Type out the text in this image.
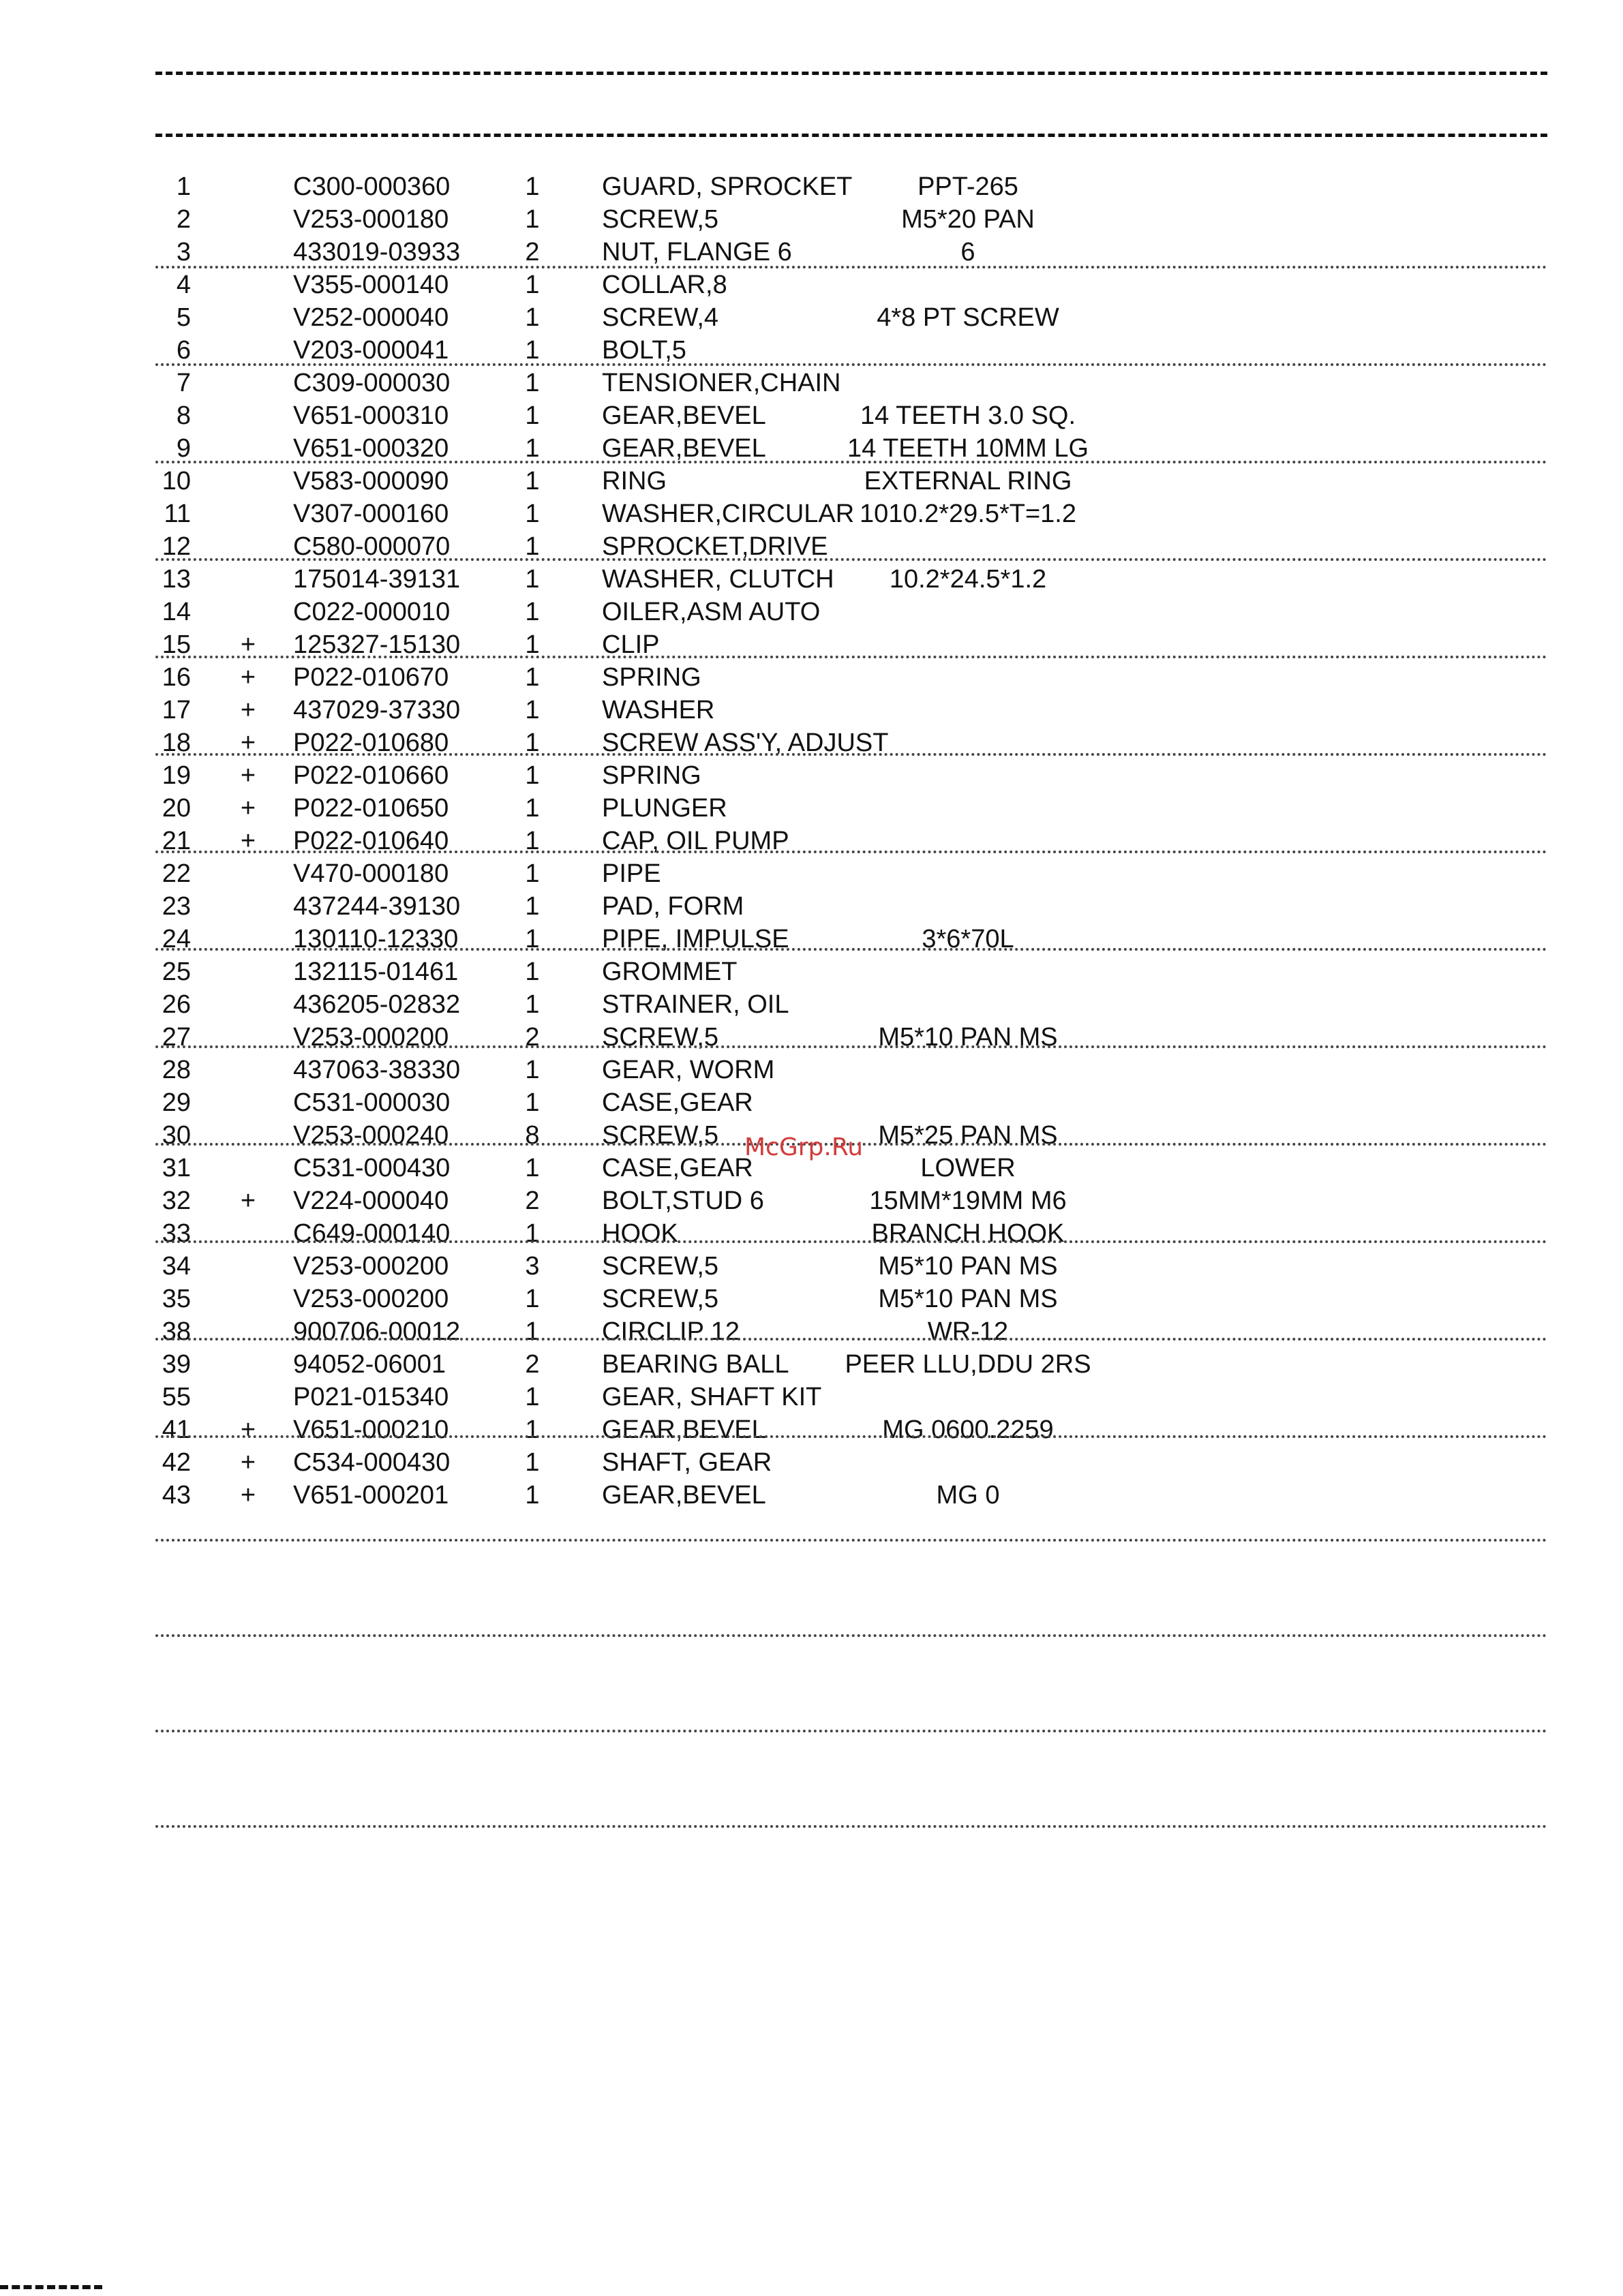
1	C300-000360	1 GUARD, SPROCKET	PPT-265
2	V253-000180	1 SCREW,5	M5*20 PAN
3	433019-03933	2 NUT, FLANGE 6	6
4	V355-000140	1 COLLAR,8
5	V252-000040	1 SCREW,4	4*8 PT SCREW
6	V203-000041	1 BOLT,5
7	C309-000030	1 TENSIONER,CHAIN
8	V651-000310	1 GEAR,BEVEL	14 TEETH 3.0 SQ.
9	V651-000320	1 GEAR,BEVEL	14 TEETH 10MM LG
10	V583-000090	1 RING	EXTERNAL RING
11	V307-000160	1 WASHER,CIRCULAR 1010.2*29.5*T=1.2
12	C580-000070	1 SPROCKET,DRIVE
13	175014-39131	1 WASHER, CLUTCH 10.2*24.5*1.2
14	C022-000010	1 OILER,ASM AUTO
15 + 125327-15130	1 CLIP
16 + P022-010670	1 SPRING
17 + 437029-37330	1 WASHER
18 + P022-010680	1 SCREW ASS'Y, ADJUST
19 + P022-010660	1 SPRING
20 + P022-010650	1 PLUNGER
21 + P022-010640	1 CAP, OIL PUMP
22	V470-000180	1 PIPE
23	437244-39130	1 PAD, FORM
24	130110-12330	1 PIPE, IMPULSE	3*6*70L
25	132115-01461	1 GROMMET
26	436205-02832	1 STRAINER, OIL
27	V253-000200	2 SCREW,5	M5*10 PAN MS
28	437063-38330	1 GEAR, WORM
29	C531-000030	1 CASE,GEAR
30	V253-000240	8 SCREW,5	M5*25 PAN MS
31	C531-000430	1 CASE,GEAR	LOWER
32 + V224-000040	2 BOLT,STUD 6	15MM*19MM M6
33	C649-000140	1 HOOK	BRANCH HOOK
34	V253-000200	3 SCREW,5	M5*10 PAN MS
35	V253-000200	1 SCREW,5	M5*10 PAN MS
38	900706-00012	1 CIRCLIP 12	WR-12
39	94052-06001	2 BEARING BALL PEER LLU,DDU 2RS
55	P021-015340	1 GEAR, SHAFT KIT
41 + V651-000210	1 GEAR,BEVEL	MG 0600.2259
42 + C534-000430	1 SHAFT, GEAR
43 + V651-000201	1 GEAR,BEVEL	MG 0
McGrp.Ru
